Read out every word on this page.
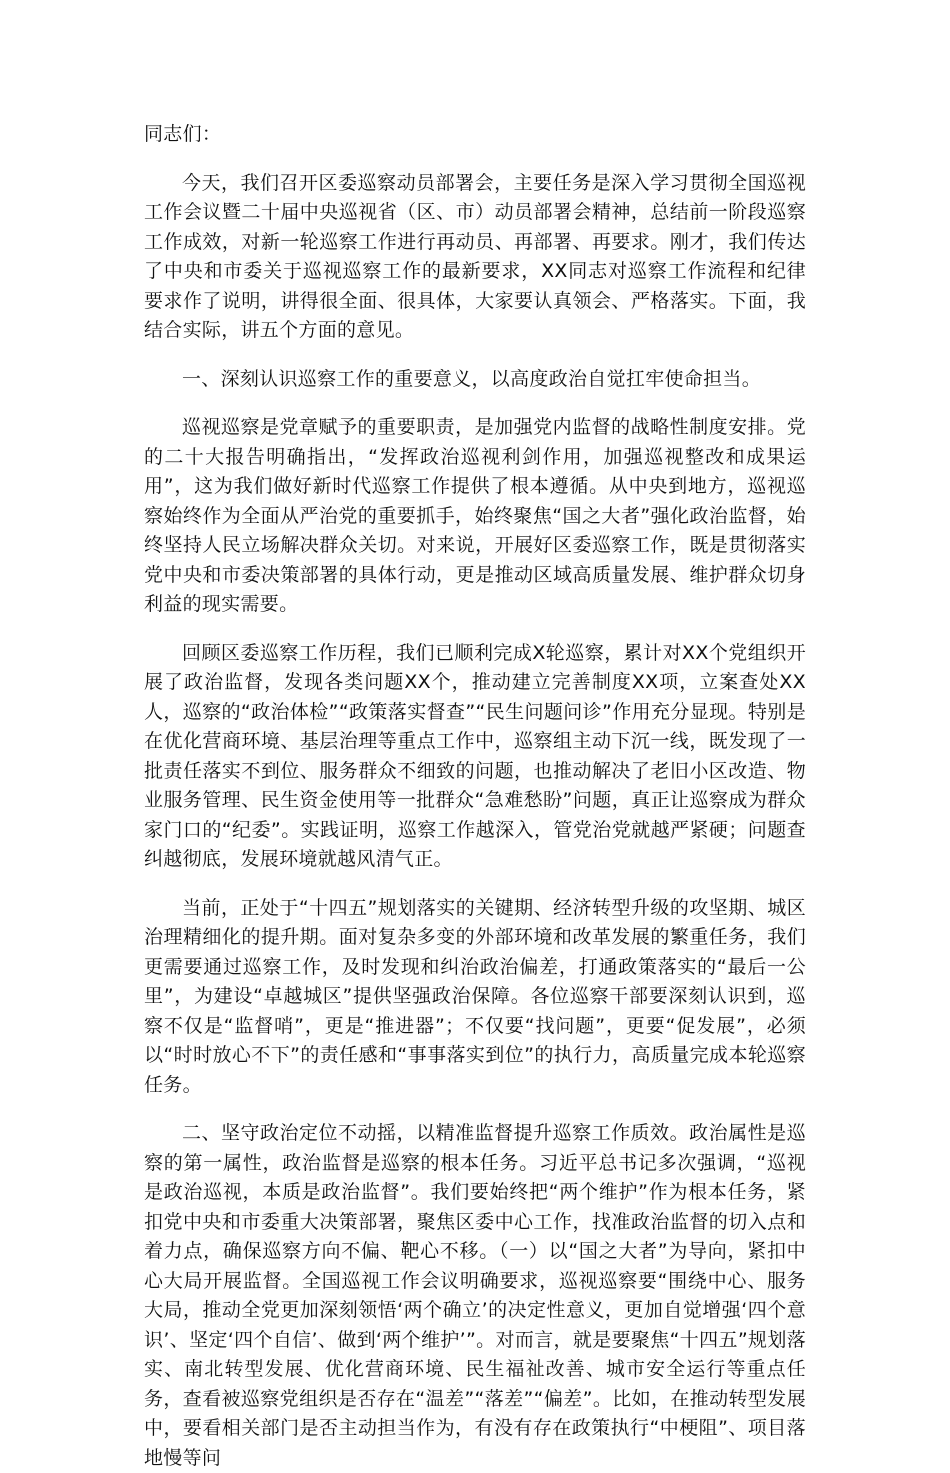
同志们：

今天，我们召开区委巡察动员部署会，主要任务是深入学习贯彻全国巡视工作会议暨二十届中央巡视省（区、市）动员部署会精神，总结前一阶段巡察工作成效，对新一轮巡察工作进行再动员、再部署、再要求。刚才，我们传达了中央和市委关于巡视巡察工作的最新要求，XX同志对巡察工作流程和纪律要求作了说明，讲得很全面、很具体，大家要认真领会、严格落实。下面，我结合实际，讲五个方面的意见。

一、深刻认识巡察工作的重要意义，以高度政治自觉扛牢使命担当。

巡视巡察是党章赋予的重要职责，是加强党内监督的战略性制度安排。党的二十大报告明确指出，“发挥政治巡视利剑作用，加强巡视整改和成果运用”，这为我们做好新时代巡察工作提供了根本遵循。从中央到地方，巡视巡察始终作为全面从严治党的重要抓手，始终聚焦“国之大者”强化政治监督，始终坚持人民立场解决群众关切。对来说，开展好区委巡察工作，既是贯彻落实党中央和市委决策部署的具体行动，更是推动区域高质量发展、维护群众切身利益的现实需要。

回顾区委巡察工作历程，我们已顺利完成X轮巡察，累计对XX个党组织开展了政治监督，发现各类问题XX个，推动建立完善制度XX项，立案查处XX人，巡察的“政治体检”“政策落实督查”“民生问题问诊”作用充分显现。特别是在优化营商环境、基层治理等重点工作中，巡察组主动下沉一线，既发现了一批责任落实不到位、服务群众不细致的问题，也推动解决了老旧小区改造、物业服务管理、民生资金使用等一批群众“急难愁盼”问题，真正让巡察成为群众家门口的“纪委”。实践证明，巡察工作越深入，管党治党就越严紧硬；问题查纠越彻底，发展环境就越风清气正。

当前，正处于“十四五”规划落实的关键期、经济转型升级的攻坚期、城区治理精细化的提升期。面对复杂多变的外部环境和改革发展的繁重任务，我们更需要通过巡察工作，及时发现和纠治政治偏差，打通政策落实的“最后一公里”，为建设“卓越城区”提供坚强政治保障。各位巡察干部要深刻认识到，巡察不仅是“监督哨”，更是“推进器”；不仅要“找问题”，更要“促发展”，必须以“时时放心不下”的责任感和“事事落实到位”的执行力，高质量完成本轮巡察任务。

二、坚守政治定位不动摇，以精准监督提升巡察工作质效。政治属性是巡察的第一属性，政治监督是巡察的根本任务。习近平总书记多次强调，“巡视是政治巡视，本质是政治监督”。我们要始终把“两个维护”作为根本任务，紧扣党中央和市委重大决策部署，聚焦区委中心工作，找准政治监督的切入点和着力点，确保巡察方向不偏、靶心不移。（一）以“国之大者”为导向，紧扣中心大局开展监督。全国巡视工作会议明确要求，巡视巡察要“围绕中心、服务大局，推动全党更加深刻领悟‘两个确立’的决定性意义，更加自觉增强‘四个意识’、坚定‘四个自信’、做到‘两个维护’”。对而言，就是要聚焦“十四五”规划落实、南北转型发展、优化营商环境、民生福祉改善、城市安全运行等重点任务，查看被巡察党组织是否存在“温差”“落差”“偏差”。比如，在推动转型发展中，要看相关部门是否主动担当作为，有没有存在政策执行“中梗阻”、项目落地慢等问
